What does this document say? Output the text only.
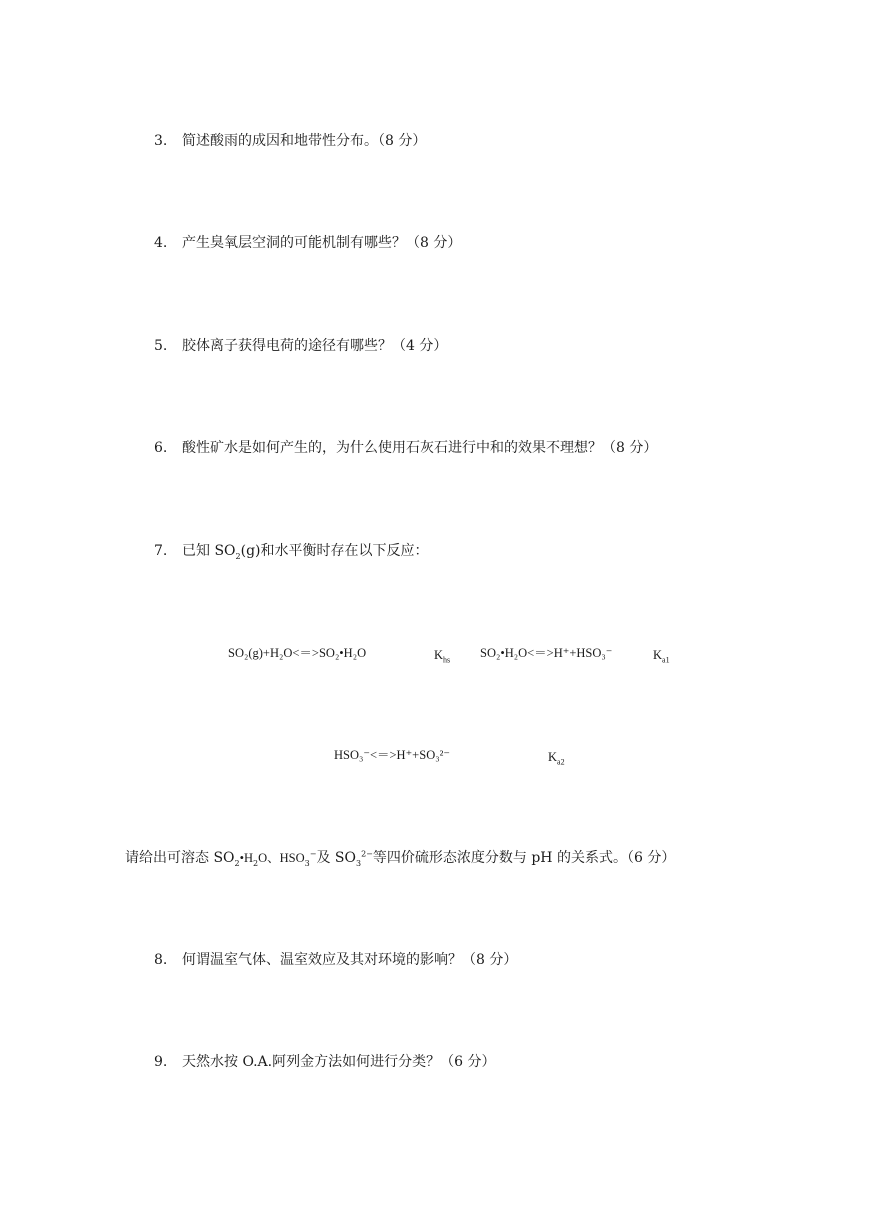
3. 简述酸雨的成因和地带性分布。（8 分）
4. 产生臭氧层空洞的可能机制有哪些？（8 分）
5. 胶体离子获得电荷的途径有哪些？（4 分）
6. 酸性矿水是如何产生的，为什么使用石灰石进行中和的效果不理想？（8 分）
7. 已知 $SO_2(g)$和水平衡时存在以下反应：
SO₂(g)+H₂O<＝>SO₂•H₂O	$K_{hs}$ SO₂•H₂O<＝>H⁺+HSO₃⁻	$K_{a1}$
HSO₃⁻<＝>H⁺+SO₃²⁻	$K_{a2}$
请给出可溶态 $SO_2•H_2O$、$HSO_3^-$及 $SO_3^{2-}$等四价硫形态浓度分数与 pH 的关系式。（6 分）
8. 何谓温室气体、温室效应及其对环境的影响？（8 分）
9. 天然水按 O.A.阿列金方法如何进行分类？（6 分）
